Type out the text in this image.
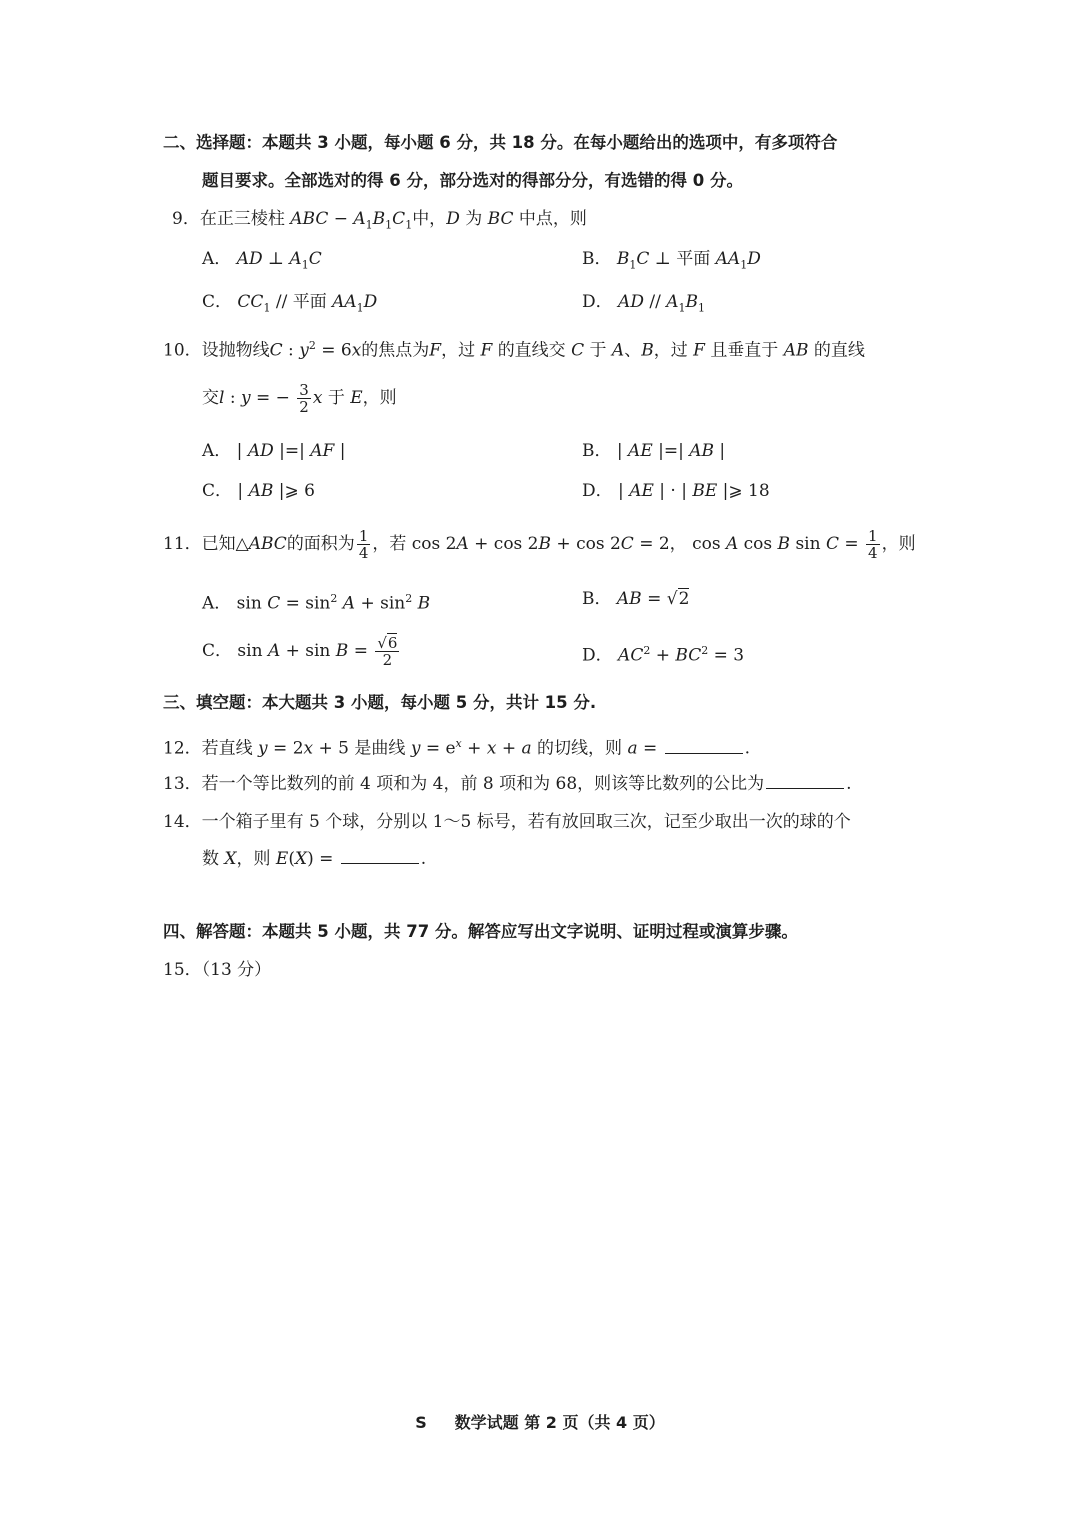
二、选择题：本题共 3 小题，每小题 6 分，共 18 分。在每小题给出的选项中，有多项符合
题目要求。全部选对的得 6 分，部分选对的得部分分，有选错的得 0 分。
9．在正三棱柱 ABC − $A_1B_1C_1$中，D 为 BC 中点，则
A． AD ⊥ $A_1C$	B． $B_1C$ ⊥ 平面 $AA_1D$
C． $CC_1$ // 平面 $AA_1D$	D． AD // $A_1B_1$
10．设抛物线C : $y^2 = 6x$的焦点为F，过 F 的直线交 C 于 A、B，过 F 且垂直于 AB 的直线
交l : y = − $\frac{3}{2}$ x 于 E，则
A． | AD |=| AF |	B． | AE |=| AB |
C． | AB |⩾ 6	D． | AE | · | BE |⩾ 18
11．已知△ABC的面积为 $\frac{1}{4}$ ，若 cos 2A + cos 2B + cos 2C = 2， cos A cos B $\sin C = \frac{1}{4}$ ，则
A． $\sin C = \sin^2 A + \sin^2 B$	B． AB = √2
C． $\sin A + \sin B = \frac{√6}{2}$	D． $AC^2 + BC^2 = 3$
三、填空题：本大题共 3 小题，每小题 5 分，共计 15 分.
12．若直线 y = 2x + 5 是曲线 $y = e^x + x + a$ 的切线，则 a =	.
13．若一个等比数列的前 4 项和为 4，前 8 项和为 68，则该等比数列的公比为	.
14．一个箱子里有 5 个球，分别以 1～5 标号，若有放回取三次，记至少取出一次的球的个
数 X，则 E(X) =	.
四、解答题：本题共 5 小题，共 77 分。解答应写出文字说明、证明过程或演算步骤。
15．（13 分）
S 数学试题 第 2 页（共 4 页）
